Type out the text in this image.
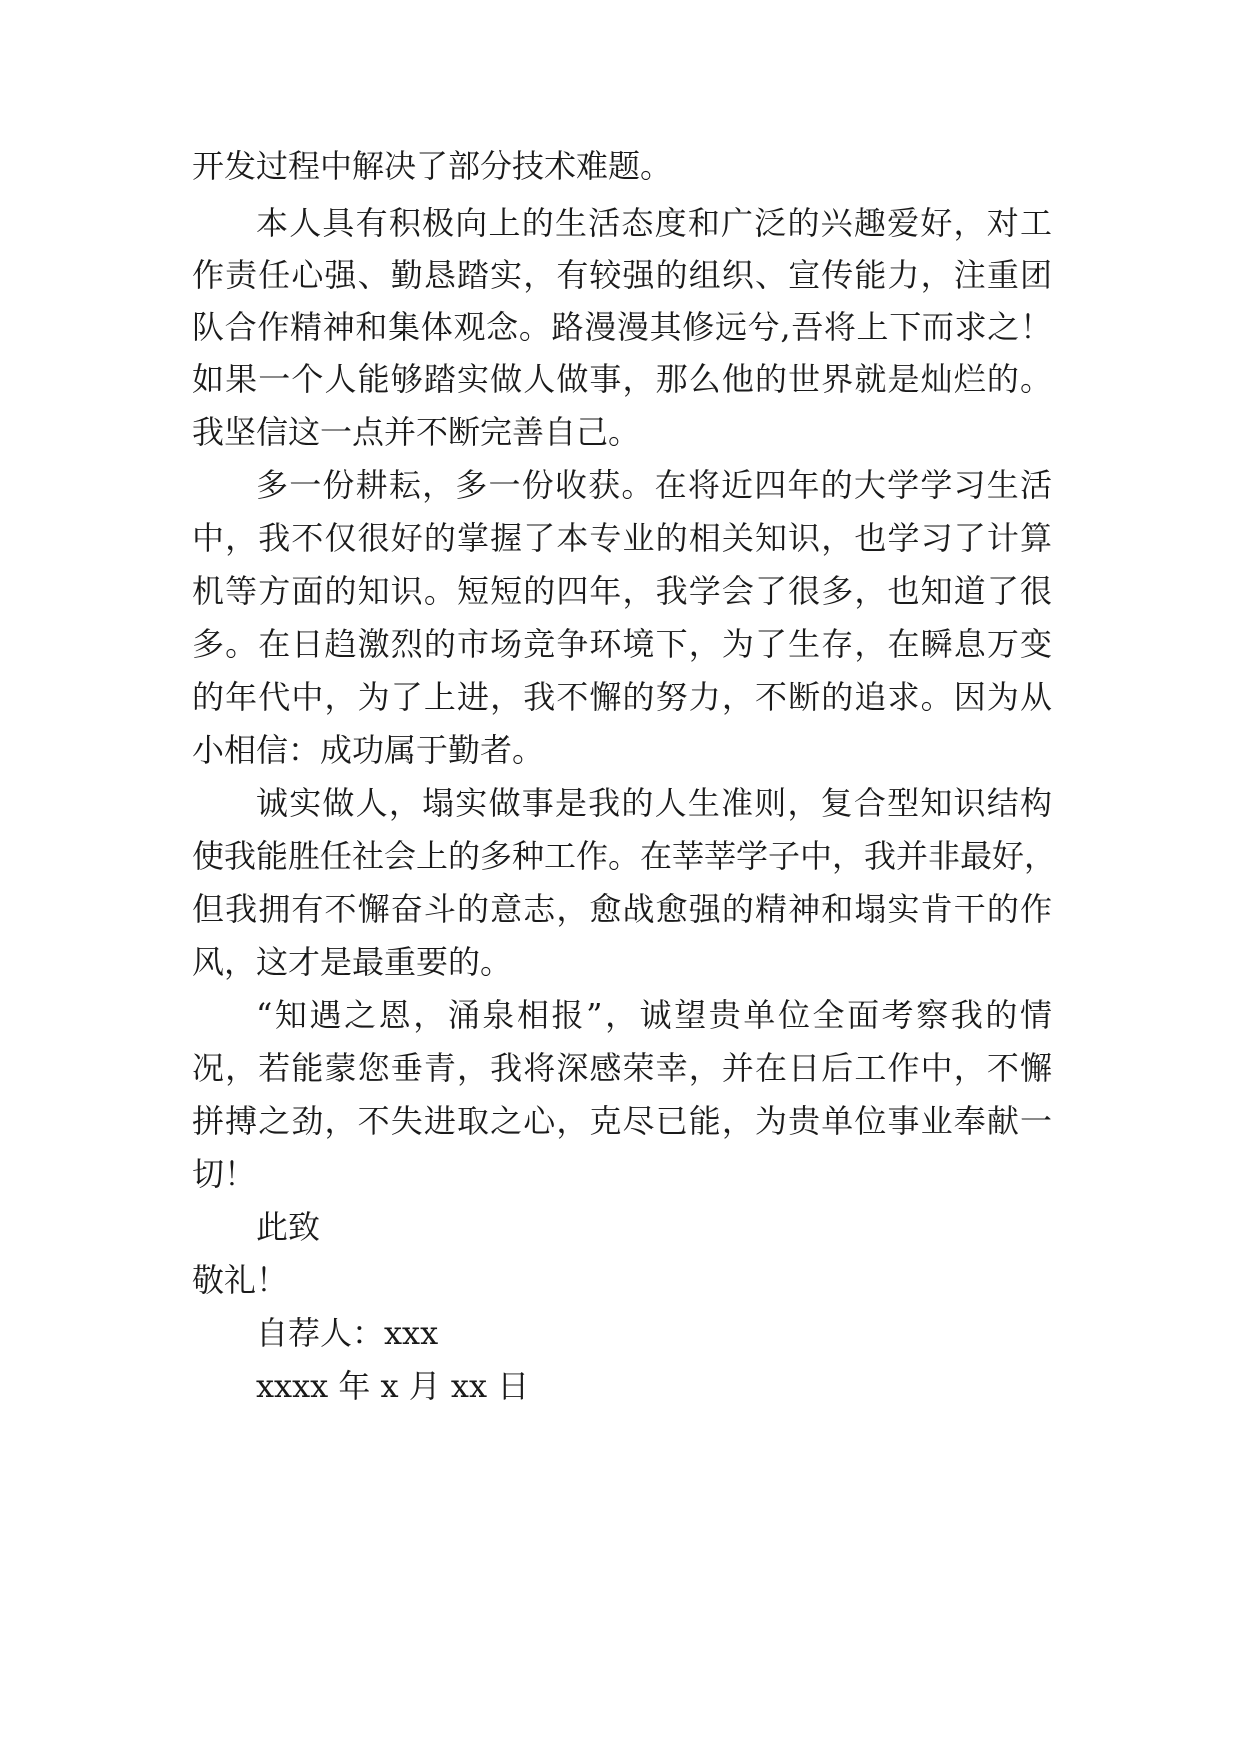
开发过程中解决了部分技术难题。
本人具有积极向上的生活态度和广泛的兴趣爱好，对工
作责任心强、勤恳踏实，有较强的组织、宣传能力，注重团
队合作精神和集体观念。路漫漫其修远兮,吾将上下而求之！
如果一个人能够踏实做人做事，那么他的世界就是灿烂的。
我坚信这一点并不断完善自己。
多一份耕耘，多一份收获。在将近四年的大学学习生活
中，我不仅很好的掌握了本专业的相关知识，也学习了计算
机等方面的知识。短短的四年，我学会了很多，也知道了很
多。在日趋激烈的市场竞争环境下，为了生存，在瞬息万变
的年代中，为了上进，我不懈的努力，不断的追求。因为从
小相信：成功属于勤者。
诚实做人，塌实做事是我的人生准则，复合型知识结构
使我能胜任社会上的多种工作。在莘莘学子中，我并非最好，
但我拥有不懈奋斗的意志，愈战愈强的精神和塌实肯干的作
风，这才是最重要的。
“知遇之恩，涌泉相报”，诚望贵单位全面考察我的情
况，若能蒙您垂青，我将深感荣幸，并在日后工作中，不懈
拼搏之劲，不失进取之心，克尽已能，为贵单位事业奉献一
切！
此致
敬礼！
自荐人：xxx
xxxx 年 x 月 xx 日
